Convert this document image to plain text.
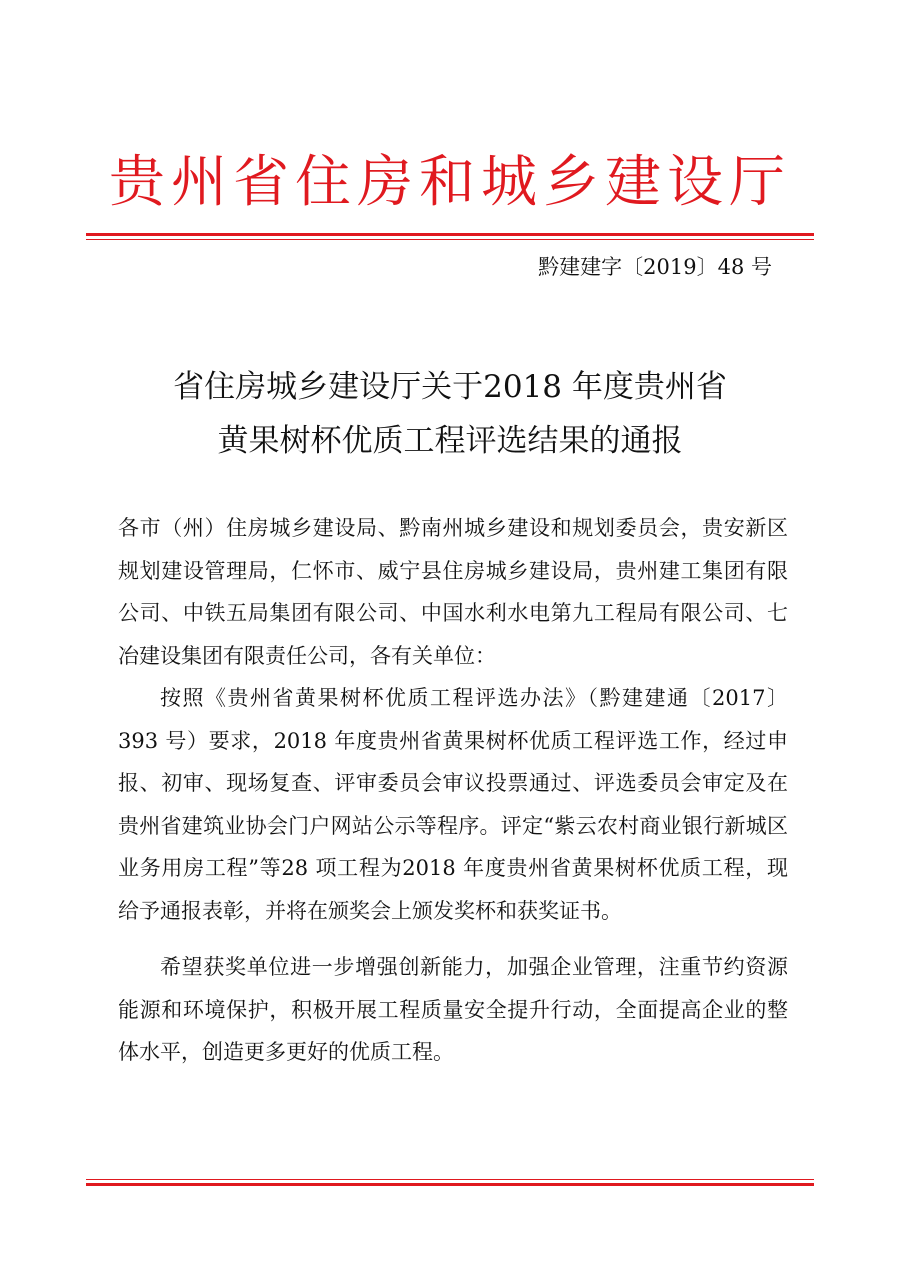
贵州省住房和城乡建设厅
黔建建字〔2019〕48 号
省住房城乡建设厅关于2018 年度贵州省
黄果树杯优质工程评选结果的通报

各市（州）住房城乡建设局、黔南州城乡建设和规划委员会，贵安新区规划建设管理局，仁怀市、威宁县住房城乡建设局，贵州建工集团有限公司、中铁五局集团有限公司、中国水利水电第九工程局有限公司、七冶建设集团有限责任公司，各有关单位：

按照《贵州省黄果树杯优质工程评选办法》（黔建建通〔2017〕393 号）要求，2018 年度贵州省黄果树杯优质工程评选工作，经过申报、初审、现场复查、评审委员会审议投票通过、评选委员会审定及在贵州省建筑业协会门户网站公示等程序。评定“紫云农村商业银行新城区业务用房工程”等28 项工程为2018 年度贵州省黄果树杯优质工程，现给予通报表彰，并将在颁奖会上颁发奖杯和获奖证书。

希望获奖单位进一步增强创新能力，加强企业管理，注重节约资源能源和环境保护，积极开展工程质量安全提升行动，全面提高企业的整体水平，创造更多更好的优质工程。
